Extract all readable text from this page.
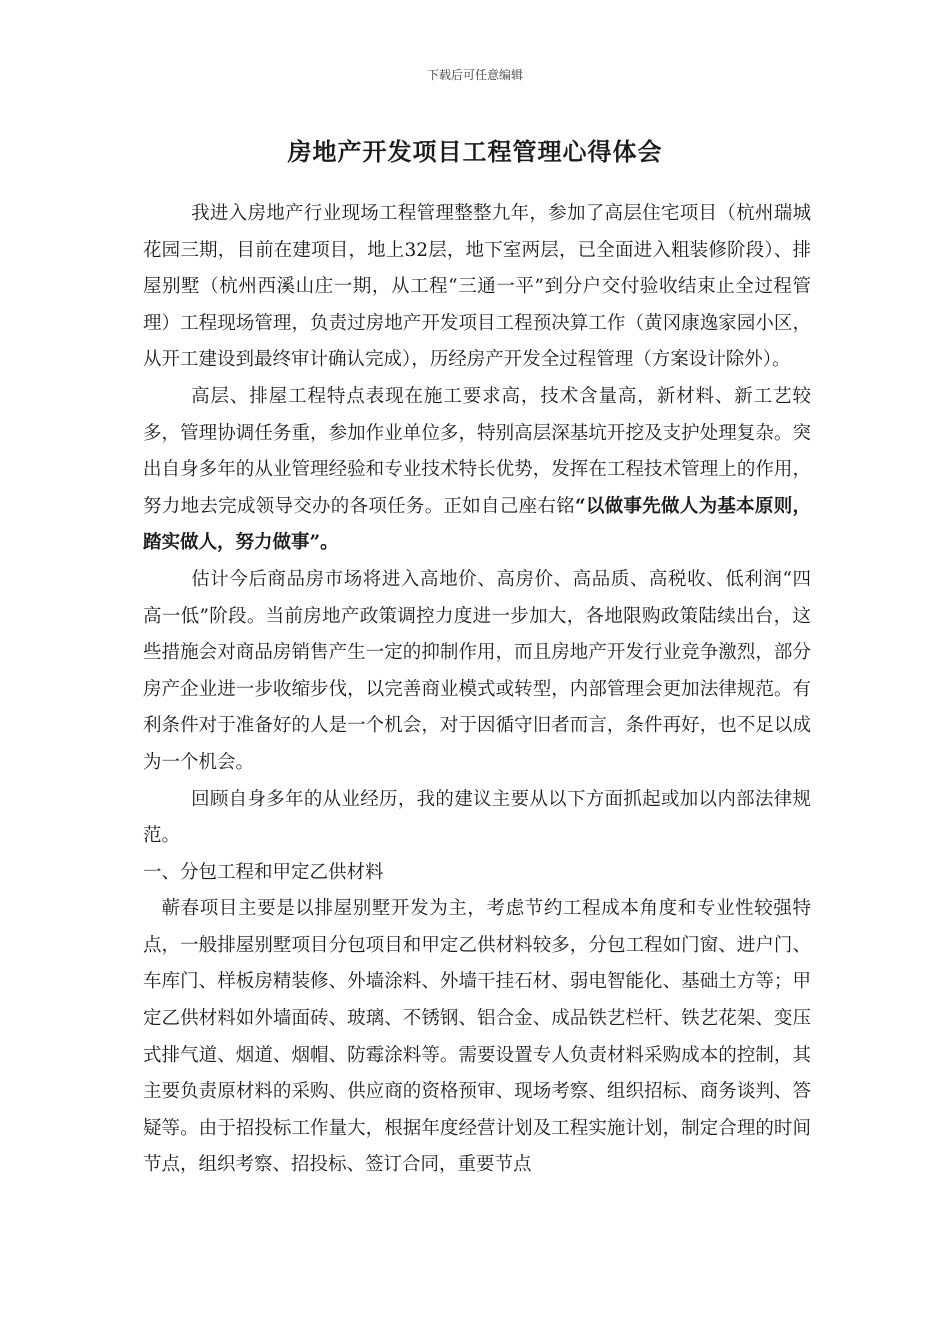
下载后可任意编辑
房地产开发项目工程管理心得体会

我进入房地产行业现场工程管理整整九年，参加了高层住宅项目（杭州瑞城花园三期，目前在建项目，地上32层，地下室两层，已全面进入粗装修阶段）、排屋别墅（杭州西溪山庄一期，从工程“三通一平”到分户交付验收结束止全过程管理）工程现场管理，负责过房地产开发项目工程预决算工作（黄冈康逸家园小区，从开工建设到最终审计确认完成），历经房产开发全过程管理（方案设计除外）。

高层、排屋工程特点表现在施工要求高，技术含量高，新材料、新工艺较多，管理协调任务重，参加作业单位多，特别高层深基坑开挖及支护处理复杂。突出自身多年的从业管理经验和专业技术特长优势，发挥在工程技术管理上的作用，努力地去完成领导交办的各项任务。正如自己座右铭“以做事先做人为基本原则，踏实做人，努力做事”。

估计今后商品房市场将进入高地价、高房价、高品质、高税收、低利润“四高一低”阶段。当前房地产政策调控力度进一步加大，各地限购政策陆续出台，这些措施会对商品房销售产生一定的抑制作用，而且房地产开发行业竞争激烈，部分房产企业进一步收缩步伐，以完善商业模式或转型，内部管理会更加法律规范。有利条件对于准备好的人是一个机会，对于因循守旧者而言，条件再好，也不足以成为一个机会。

回顾自身多年的从业经历，我的建议主要从以下方面抓起或加以内部法律规范。

一、分包工程和甲定乙供材料

蕲春项目主要是以排屋别墅开发为主，考虑节约工程成本角度和专业性较强特点，一般排屋别墅项目分包项目和甲定乙供材料较多，分包工程如门窗、进户门、车库门、样板房精装修、外墙涂料、外墙干挂石材、弱电智能化、基础土方等；甲定乙供材料如外墙面砖、玻璃、不锈钢、铝合金、成品铁艺栏杆、铁艺花架、变压式排气道、烟道、烟帽、防霉涂料等。需要设置专人负责材料采购成本的控制，其主要负责原材料的采购、供应商的资格预审、现场考察、组织招标、商务谈判、答疑等。由于招投标工作量大，根据年度经营计划及工程实施计划，制定合理的时间节点，组织考察、招投标、签订合同，重要节点
